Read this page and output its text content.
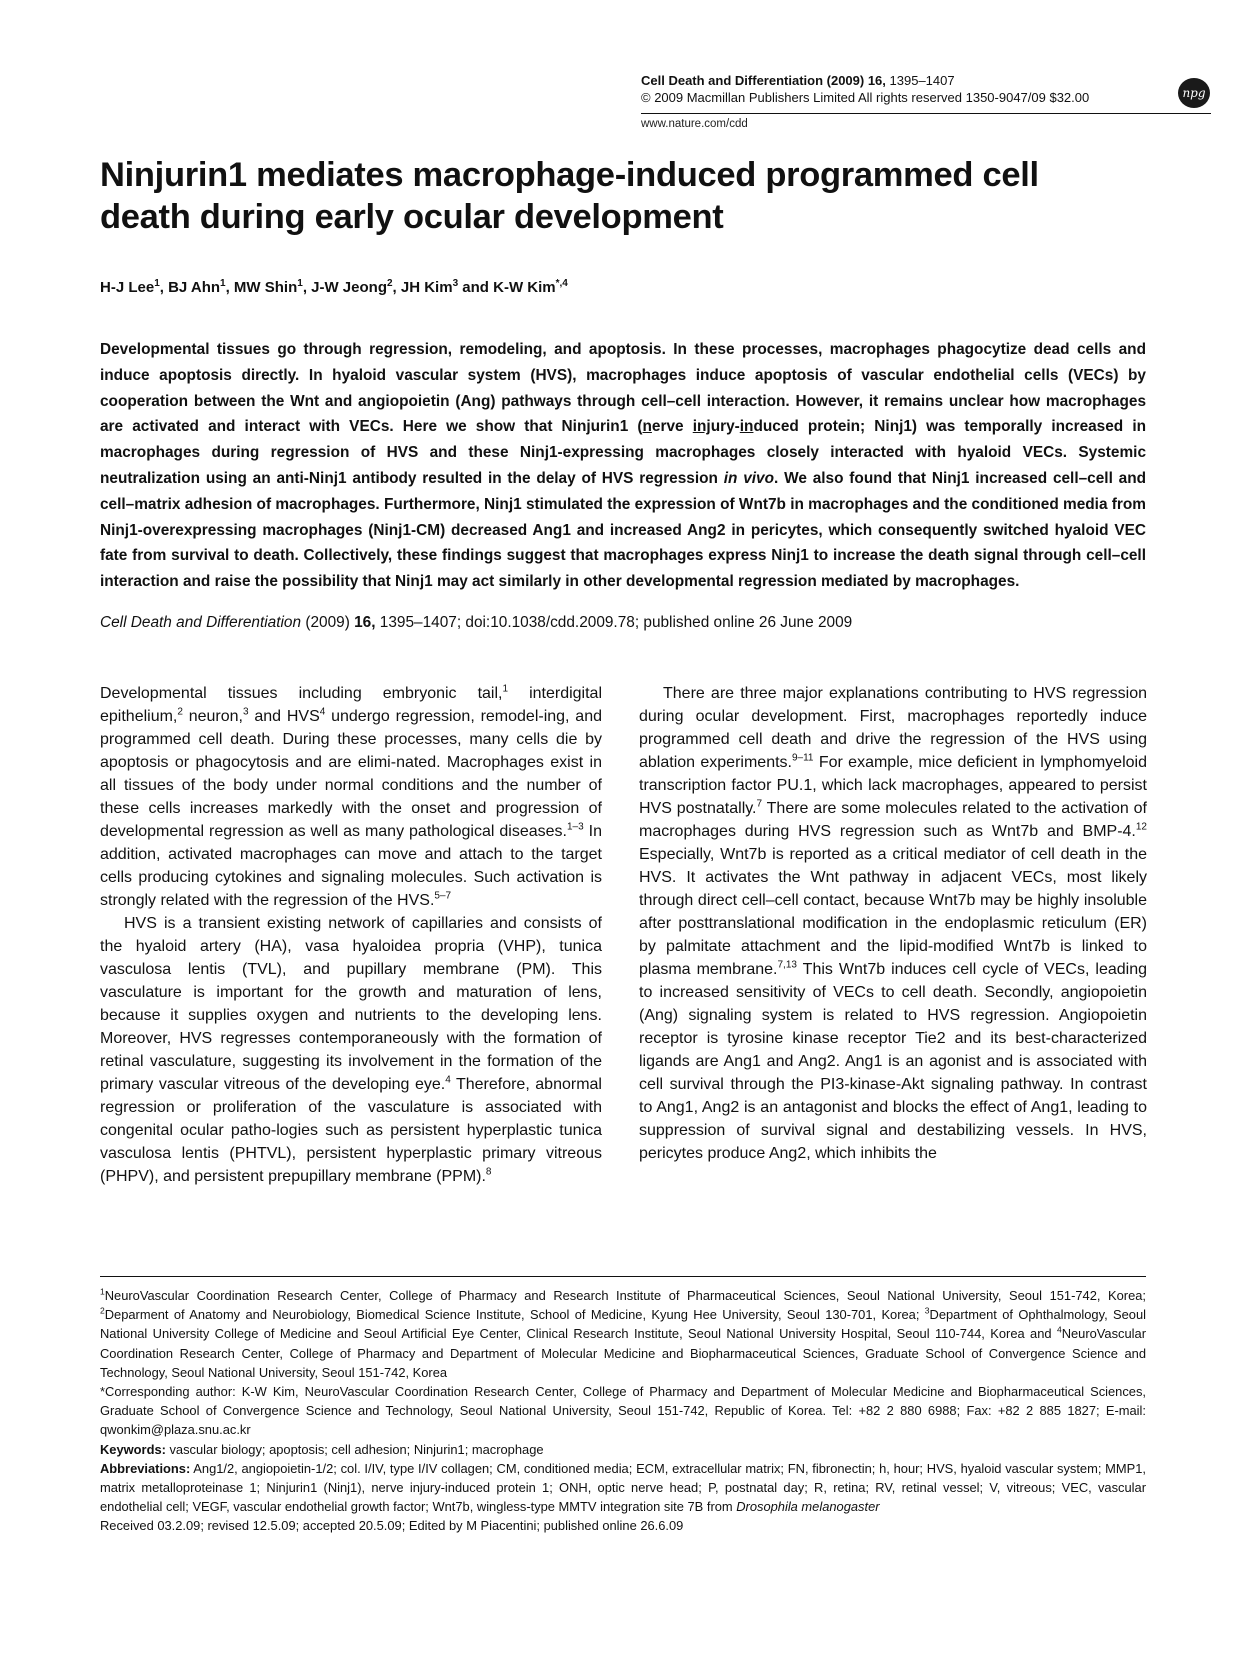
Cell Death and Differentiation (2009) 16, 1395–1407
© 2009 Macmillan Publishers Limited All rights reserved 1350-9047/09 $32.00
www.nature.com/cdd
npg
Ninjurin1 mediates macrophage-induced programmed cell death during early ocular development
H-J Lee$^1$, BJ Ahn$^1$, MW Shin$^1$, J-W Jeong$^2$, JH Kim$^3$ and K-W Kim$^{*,4}$
Developmental tissues go through regression, remodeling, and apoptosis. In these processes, macrophages phagocytize dead cells and induce apoptosis directly. In hyaloid vascular system (HVS), macrophages induce apoptosis of vascular endothelial cells (VECs) by cooperation between the Wnt and angiopoietin (Ang) pathways through cell–cell interaction. However, it remains unclear how macrophages are activated and interact with VECs. Here we show that Ninjurin1 (nerve injury-induced protein; Ninj1) was temporally increased in macrophages during regression of HVS and these Ninj1-expressing macrophages closely interacted with hyaloid VECs. Systemic neutralization using an anti-Ninj1 antibody resulted in the delay of HVS regression in vivo. We also found that Ninj1 increased cell–cell and cell–matrix adhesion of macrophages. Furthermore, Ninj1 stimulated the expression of Wnt7b in macrophages and the conditioned media from Ninj1-overexpressing macrophages (Ninj1-CM) decreased Ang1 and increased Ang2 in pericytes, which consequently switched hyaloid VEC fate from survival to death. Collectively, these findings suggest that macrophages express Ninj1 to increase the death signal through cell–cell interaction and raise the possibility that Ninj1 may act similarly in other developmental regression mediated by macrophages.
Cell Death and Differentiation (2009) 16, 1395–1407; doi:10.1038/cdd.2009.78; published online 26 June 2009

Developmental tissues including embryonic tail,$^1$ interdigital epithelium,$^2$ neuron,$^3$ and HVS$^4$ undergo regression, remodel-ing, and programmed cell death. During these processes, many cells die by apoptosis or phagocytosis and are elimi-nated. Macrophages exist in all tissues of the body under normal conditions and the number of these cells increases markedly with the onset and progression of developmental regression as well as many pathological diseases.$^{1-3}$ In addition, activated macrophages can move and attach to the target cells producing cytokines and signaling molecules. Such activation is strongly related with the regression of the HVS.$^{5-7}$

HVS is a transient existing network of capillaries and consists of the hyaloid artery (HA), vasa hyaloidea propria (VHP), tunica vasculosa lentis (TVL), and pupillary membrane (PM). This vasculature is important for the growth and maturation of lens, because it supplies oxygen and nutrients to the developing lens. Moreover, HVS regresses contemporaneously with the formation of retinal vasculature, suggesting its involvement in the formation of the primary vascular vitreous of the developing eye.$^4$ Therefore, abnormal regression or proliferation of the vasculature is associated with congenital ocular patho-logies such as persistent hyperplastic tunica vasculosa lentis (PHTVL), persistent hyperplastic primary vitreous (PHPV), and persistent prepupillary membrane (PPM).$^8$

There are three major explanations contributing to HVS regression during ocular development. First, macrophages reportedly induce programmed cell death and drive the regression of the HVS using ablation experiments.$^{9-11}$ For example, mice deficient in lymphomyeloid transcription factor PU.1, which lack macrophages, appeared to persist HVS postnatally.$^7$ There are some molecules related to the activation of macrophages during HVS regression such as Wnt7b and BMP-4.12 Especially, Wnt7b is reported as a critical mediator of cell death in the HVS. It activates the Wnt pathway in adjacent VECs, most likely through direct cell–cell contact, because Wnt7b may be highly insoluble after posttranslational modification in the endoplasmic reticulum (ER) by palmitate attachment and the lipid-modified Wnt7b is linked to plasma membrane.$^{7,13}$ This Wnt7b induces cell cycle of VECs, leading to increased sensitivity of VECs to cell death. Secondly, angiopoietin (Ang) signaling system is related to HVS regression. Angiopoietin receptor is tyrosine kinase receptor Tie2 and its best-characterized ligands are Ang1 and Ang2. Ang1 is an agonist and is associated with cell survival through the PI3-kinase-Akt signaling pathway. In contrast to Ang1, Ang2 is an antagonist and blocks the effect of Ang1, leading to suppression of survival signal and destabilizing vessels. In HVS, pericytes produce Ang2, which inhibits the

$^1$NeuroVascular Coordination Research Center, College of Pharmacy and Research Institute of Pharmaceutical Sciences, Seoul National University, Seoul 151-742, Korea; $^2$Deparment of Anatomy and Neurobiology, Biomedical Science Institute, School of Medicine, Kyung Hee University, Seoul 130-701, Korea; $^3$Department of Ophthalmology, Seoul National University College of Medicine and Seoul Artificial Eye Center, Clinical Research Institute, Seoul National University Hospital, Seoul 110-744, Korea and $^4$NeuroVascular Coordination Research Center, College of Pharmacy and Department of Molecular Medicine and Biopharmaceutical Sciences, Graduate School of Convergence Science and Technology, Seoul National University, Seoul 151-742, Korea
*Corresponding author: K-W Kim, NeuroVascular Coordination Research Center, College of Pharmacy and Department of Molecular Medicine and Biopharmaceutical Sciences, Graduate School of Convergence Science and Technology, Seoul National University, Seoul 151-742, Republic of Korea. Tel: +82 2 880 6988; Fax: +82 2 885 1827; E-mail: qwonkim@plaza.snu.ac.kr
Keywords: vascular biology; apoptosis; cell adhesion; Ninjurin1; macrophage
Abbreviations: Ang1/2, angiopoietin-1/2; col. I/IV, type I/IV collagen; CM, conditioned media; ECM, extracellular matrix; FN, fibronectin; h, hour; HVS, hyaloid vascular system; MMP1, matrix metalloproteinase 1; Ninjurin1 (Ninj1), nerve injury-induced protein 1; ONH, optic nerve head; P, postnatal day; R, retina; RV, retinal vessel; V, vitreous; VEC, vascular endothelial cell; VEGF, vascular endothelial growth factor; Wnt7b, wingless-type MMTV integration site 7B from Drosophila melanogaster
Received 03.2.09; revised 12.5.09; accepted 20.5.09; Edited by M Piacentini; published online 26.6.09
